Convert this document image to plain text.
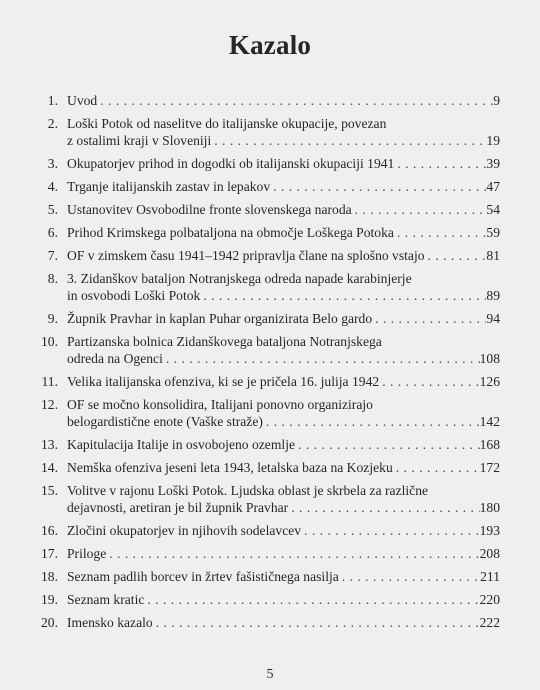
Kazalo
1. Uvod . . .	9
2. Loški Potok od naselitve do italijanske okupacije, povezan
z ostalimi kraji v Sloveniji . . .	19
3. Okupatorjev prihod in dogodki ob italijanski okupaciji 1941 . . .	39
4. Trganje italijanskih zastav in lepakov . . .	47
5. Ustanovitev Osvobodilne fronte slovenskega naroda . . .	54
6. Prihod Krimskega polbataljona na območje Loškega Potoka . . .	59
7. OF v zimskem času 1941–1942 pripravlja člane na splošno vstajo . . .	81
8. 3. Zidanškov bataljon Notranjskega odreda napade karabinjerje
in osvobodi Loški Potok . . .	89
9. Župnik Pravhar in kaplan Puhar organizirata Belo gardo . . .	94
10. Partizanska bolnica Zidanškovega bataljona Notranjskega
odreda na Ogenci . . .	108
11. Velika italijanska ofenziva, ki se je pričela 16. julija 1942 . . .	126
12. OF se močno konsolidira, Italijani ponovno organizirajo
belogardistične enote (Vaške straže) . . .	142
13. Kapitulacija Italije in osvobojeno ozemlje . . .	168
14. Nemška ofenziva jeseni leta 1943, letalska baza na Kozjeku . . .	172
15. Volitve v rajonu Loški Potok. Ljudska oblast je skrbela za različne
dejavnosti, aretiran je bil župnik Pravhar . . .	180
16. Zločini okupatorjev in njihovih sodelavcev . . .	193
17. Priloge . . .	208
18. Seznam padlih borcev in žrtev fašističnega nasilja . . .	211
19. Seznam kratic . . .	220
20. Imensko kazalo . . .	222
5
